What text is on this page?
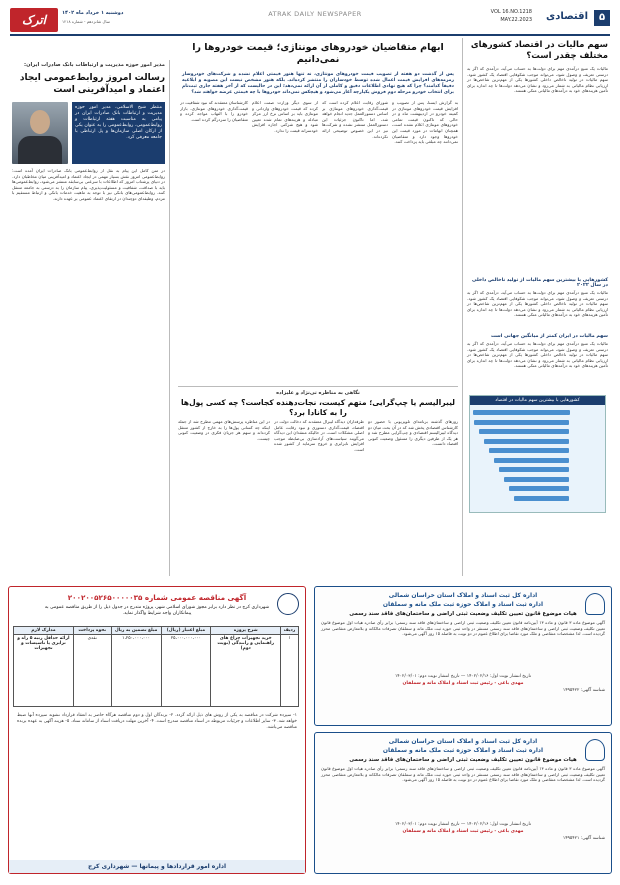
۵
اقتصادی
VOL 16.NO.1218
MAY.22.2023
ATRAK DAILY NEWSPAPER
اترک	دوشنبه ۱ خرداد ماه ۱۴۰۲
سال شانزدهم - شماره ۱۲۱۸
سهم مالیات در اقتصاد کشورهای مختلف چقدر است؟
مالیات یک منبع درآمدی مهم برای دولت‌ها به حساب می‌آید، درآمدی که اگر به درستی تعریف و وصول شود، می‌تواند موجب شکوفایی اقتصاد یک کشور شود. سهم مالیات در تولید ناخالص داخلی کشورها یکی از مهم‌ترین شاخص‌ها در ارزیابی نظام مالیاتی به شمار می‌رود و نشان می‌دهد دولت‌ها تا چه اندازه برای تأمین هزینه‌های خود به درآمدهای مالیاتی متکی هستند.
کشورهایی با بیشترین سهم مالیات از تولید ناخالص داخلی در سال ۲۰۲۲
مالیات یک منبع درآمدی مهم برای دولت‌ها به حساب می‌آید، درآمدی که اگر به درستی تعریف و وصول شود، می‌تواند موجب شکوفایی اقتصاد یک کشور شود. سهم مالیات در تولید ناخالص داخلی کشورها یکی از مهم‌ترین شاخص‌ها در ارزیابی نظام مالیاتی به شمار می‌رود و نشان می‌دهد دولت‌ها تا چه اندازه برای تأمین هزینه‌های خود به درآمدهای مالیاتی متکی هستند.
سهم مالیات در ایران کمتر از میانگین جهانی است
مالیات یک منبع درآمدی مهم برای دولت‌ها به حساب می‌آید، درآمدی که اگر به درستی تعریف و وصول شود، می‌تواند موجب شکوفایی اقتصاد یک کشور شود. سهم مالیات در تولید ناخالص داخلی کشورها یکی از مهم‌ترین شاخص‌ها در ارزیابی نظام مالیاتی به شمار می‌رود و نشان می‌دهد دولت‌ها تا چه اندازه برای تأمین هزینه‌های خود به درآمدهای مالیاتی متکی هستند.
کشورهایی با بیشترین سهم مالیات در اقتصاد
ابهام متقاضیان خودروهای مونتاژی؛ قیمت خودروها را نمی‌دانیم
پس از گذشت دو هفته از تصویب قیمت خودروهای مونتاژی، نه تنها هنوز قیمتی اعلام نشده و شرکت‌های خودروساز زمزمه‌های افزایش قیمت اعمال شده توسط خودسازان را منتشر کرده‌اند. بلکه هنوز مشخص نیست این مصوبه و ابلاغیه دقیقاً کدامند؟ چرا که هیچ نهادی اطلاعات دقیق و کاملی از آن ارائه نمی‌دهد؛ این در حالیست که از آخر هفته جاری ثبت‌نام برای انتخاب خودرو مرحله دوم فروش یکپارچه آغاز می‌شود و هیچکس نمی‌داند خودروها با چه قیمتی عرضه خواهند شد؟
به گزارش ایسنا، پس از تصویب و افزایش قیمت خودروهای مونتاژی در کمیته خودرو در اردیبهشت ماه و در حالی که تاکنون قیمت تمامی خودروهای مونتاژی اعلام نشده است، همچنان ابهامات در مورد قیمت این خودروها وجود دارد و متقاضیان نمی‌دانند چه مبلغی باید پرداخت کنند.
شورای رقابت اعلام کرده است که قیمت‌گذاری خودروهای مونتاژی بر اساس دستورالعمل جدید انجام خواهد شد، اما تاکنون جزئیات این دستورالعمل منتشر نشده و شرکت‌ها نیز در این خصوص توضیحی ارائه نکرده‌اند.
از سوی دیگر وزارت صمت اعلام کرده که قیمت خودروهای وارداتی و مونتاژی باید بر اساس نرخ ارز مرکز مبادله و هزینه‌های تمام شده تعیین شود و هیچ شرکتی اجازه افزایش خودسرانه قیمت را ندارد.
کارشناسان معتقدند که نبود شفافیت در قیمت‌گذاری خودروهای مونتاژی، بازار خودرو را با التهاب مواجه کرده و متقاضیان را سردرگم کرده است.
مدیر امور حوزه مدیریت و ارتباطات بانک صادرات ایران:
رسالت امروز روابط‌عمومی ایجاد اعتماد و امیدآفرینی است
منتظر شیخ الاسلامی، مدیر امور حوزه مدیریت و ارتباطات بانک صادرات ایران در پیامی به مناسبت هفته ارتباطات و روابط‌عمومی، روابط‌عمومی را به عنوان یکی از ارکان اصلی سازمان‌ها و پل ارتباطی با جامعه معرفی کرد.
در متن کامل این پیام به نقل از روابط‌عمومی بانک صادرات ایران آمده است: روابط‌عمومی امروز نقش بسیار مهمی در ایجاد اعتماد و امیدآفرینی میان مخاطبان دارد. در دنیای پرشتاب امروز که اطلاعات با سرعتی بی‌سابقه منتشر می‌شود، روابط‌عمومی‌ها باید با صداقت، شفافیت و مسئولیت‌پذیری، پیام سازمان را به درستی به جامعه منتقل کنند. روابط‌عمومی‌های بانکی نیز با توجه به ماهیت خدمات بانکی و ارتباط مستقیم با مردم، وظیفه‌ای دوچندان در ارتقای اعتماد عمومی بر عهده دارند.
نگاهی به مناظره تی‌نژاد و علیزاده
لیبرالیسم یا چپ‌گرایی؛ متهم کیست، نجات‌دهنده کجاست؟ چه کسی پول‌ها را به کانادا برد؟
روزهای گذشته برنامه‌ای تلویزیونی با حضور دو کارشناس اقتصادی پخش شد که در آن بحث میان دو دیدگاه لیبرالیسم اقتصادی و چپ‌گرایی مطرح شد و هر یک از طرفین دیگری را مسئول وضعیت کنونی اقتصاد دانست.
طرفداران دیدگاه لیبرال معتقدند که دخالت دولت در اقتصاد، قیمت‌گذاری دستوری و نبود رقابت عامل اصلی مشکلات است، در حالیکه منتقدان این دیدگاه می‌گویند سیاست‌های آزادسازی بی‌ضابطه موجب افزایش نابرابری و خروج سرمایه از کشور شده است.
در این مناظره پرسش‌های مهمی مطرح شد از جمله اینکه چه کسانی پول‌ها را به خارج از کشور منتقل کرده‌اند و سهم هر جریان فکری در وضعیت کنونی چیست.
اداره کل ثبت اسناد و املاک استان خراسان شمالی
اداره ثبت اسناد و املاک حوزه ثبت ملک مانه و سملقان
هیات موضوع قانون تعیین تکلیف وضعیت ثبتی اراضی و ساختمان‌های فاقد سند رسمی
آگهی موضوع ماده ۳ قانون و ماده ۱۳ آیین‌نامه قانون تعیین تکلیف وضعیت ثبتی اراضی و ساختمان‌های فاقد سند رسمی؛ برابر رأی صادره هیات اول موضوع قانون تعیین تکلیف وضعیت ثبتی اراضی و ساختمان‌های فاقد سند رسمی مستقر در واحد ثبتی حوزه ثبت ملک مانه و سملقان تصرفات مالکانه و بلامعارض متقاضی محرز گردیده است. لذا مشخصات متقاضی و ملک مورد تقاضا برای اطلاع عموم در دو نوبت به فاصله ۱۵ روز آگهی می‌شود.
تاریخ انتشار نوبت اول: ۱۴۰۲/۰۲/۱۶ — تاریخ انتشار نوبت دوم: ۱۴۰۲/۰۳/۰۱
مهدی باغی - رئیس ثبت اسناد و املاک مانه و سملقان
شناسه آگهی: ۱۴۹۵۴۲۲
اداره کل ثبت اسناد و املاک استان خراسان شمالی
اداره ثبت اسناد و املاک حوزه ثبت ملک مانه و سملقان
هیات موضوع قانون تعیین تکلیف وضعیت ثبتی اراضی و ساختمان‌های فاقد سند رسمی
آگهی موضوع ماده ۳ قانون و ماده ۱۳ آیین‌نامه قانون تعیین تکلیف وضعیت ثبتی اراضی و ساختمان‌های فاقد سند رسمی؛ برابر رأی صادره هیات اول موضوع قانون تعیین تکلیف وضعیت ثبتی اراضی و ساختمان‌های فاقد سند رسمی مستقر در واحد ثبتی حوزه ثبت ملک مانه و سملقان تصرفات مالکانه و بلامعارض متقاضی محرز گردیده است. لذا مشخصات متقاضی و ملک مورد تقاضا برای اطلاع عموم در دو نوبت به فاصله ۱۵ روز آگهی می‌شود.
تاریخ انتشار نوبت اول: ۱۴۰۲/۰۲/۱۶ — تاریخ انتشار نوبت دوم: ۱۴۰۲/۰۳/۰۱
مهدی باغی - رئیس ثبت اسناد و املاک مانه و سملقان
شناسه آگهی: ۱۴۹۵۴۲۱
آگهی مناقصه عمومی شماره ۲۰۰۲۰۰۵۲۶۵۰۰۰۰۰۳۵
شهرداری کرج در نظر دارد برابر مجوز شورای اسلامی شهر، پروژه مندرج در جدول ذیل را از طریق مناقصه عمومی به پیمانکاران واجد شرایط واگذار نماید.
ردیف	شرح پروژه	مبلغ اعتبار (ریال)	مبلغ تضمین به ریال	نحوه پرداخت	مدارک لازم
۱	خرید تجهیزات چراغ های راهنمایی و رانندگی (نوبت دوم)	۲۵،۰۰۰،۰۰۰،۰۰۰	۱،۲۵۰،۰۰۰،۰۰۰	نقدی	ارائه حداقل رتبه ۵ راه و ترابری یا تاسیسات و تجهیزات
۱- سپرده شرکت در مناقصه به یکی از روش های ذیل ارائه گردد. ۲- برندگان اول و دوم مناقصه هرگاه حاضر به انعقاد قرارداد نشوند سپرده آنها ضبط خواهد شد. ۳- سایر اطلاعات و جزئیات مربوطه در اسناد مناقصه مندرج است. ۴- آخرین مهلت دریافت اسناد از سامانه ستاد. ۵- هزینه آگهی به عهده برنده مناقصه می‌باشد.
اداره امور قراردادها و پیمانها — شهرداری کرج
